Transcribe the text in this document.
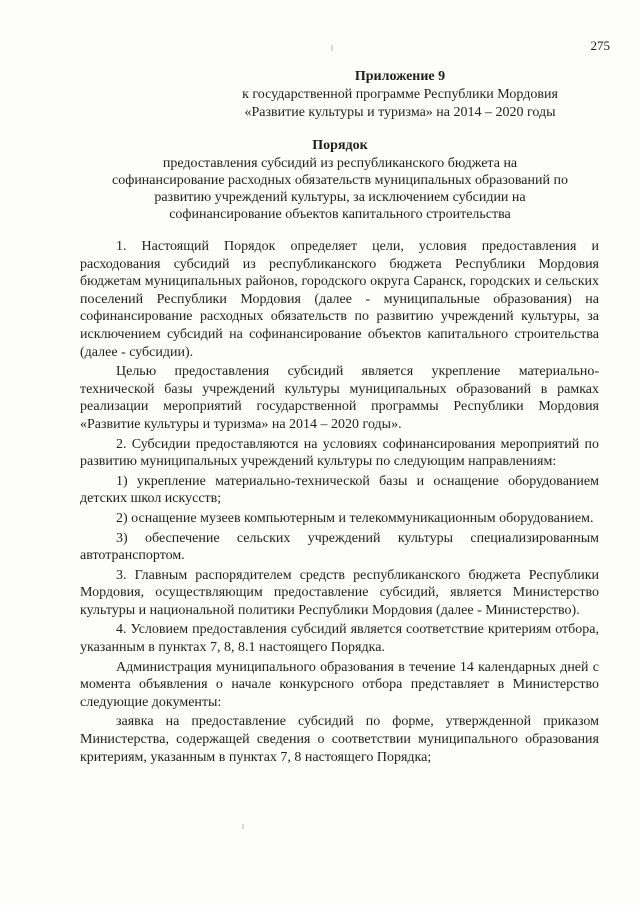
275
Приложение 9
к государственной программе Республики Мордовия
«Развитие культуры и туризма» на 2014 – 2020 годы
Порядок
предоставления субсидий из республиканского бюджета на
софинансирование расходных обязательств муниципальных образований по
развитию учреждений культуры, за исключением субсидии на
софинансирование объектов капитального строительства

1. Настоящий Порядок определяет цели, условия предоставления и расходования субсидий из республиканского бюджета Республики Мордовия бюджетам муниципальных районов, городского округа Саранск, городских и сельских поселений Республики Мордовия (далее - муниципальные образования) на софинансирование расходных обязательств по развитию учреждений культуры, за исключением субсидий на софинансирование объектов капитального строительства (далее - субсидии).

Целью предоставления субсидий является укрепление материально-технической базы учреждений культуры муниципальных образований в рамках реализации мероприятий государственной программы Республики Мордовия «Развитие культуры и туризма» на 2014 – 2020 годы».

2. Субсидии предоставляются на условиях софинансирования мероприятий по развитию муниципальных учреждений культуры по следующим направлениям:

1) укрепление материально-технической базы и оснащение оборудованием детских школ искусств;

2) оснащение музеев компьютерным и телекоммуникационным оборудованием.

3) обеспечение сельских учреждений культуры специализированным автотранспортом.

3. Главным распорядителем средств республиканского бюджета Республики Мордовия, осуществляющим предоставление субсидий, является Министерство культуры и национальной политики Республики Мордовия (далее - Министерство).

4. Условием предоставления субсидий является соответствие критериям отбора, указанным в пунктах 7, 8, 8.1 настоящего Порядка.

Администрация муниципального образования в течение 14 календарных дней с момента объявления о начале конкурсного отбора представляет в Министерство следующие документы:

заявка на предоставление субсидий по форме, утвержденной приказом Министерства, содержащей сведения о соответствии муниципального образования критериям, указанным в пунктах 7, 8 настоящего Порядка;
